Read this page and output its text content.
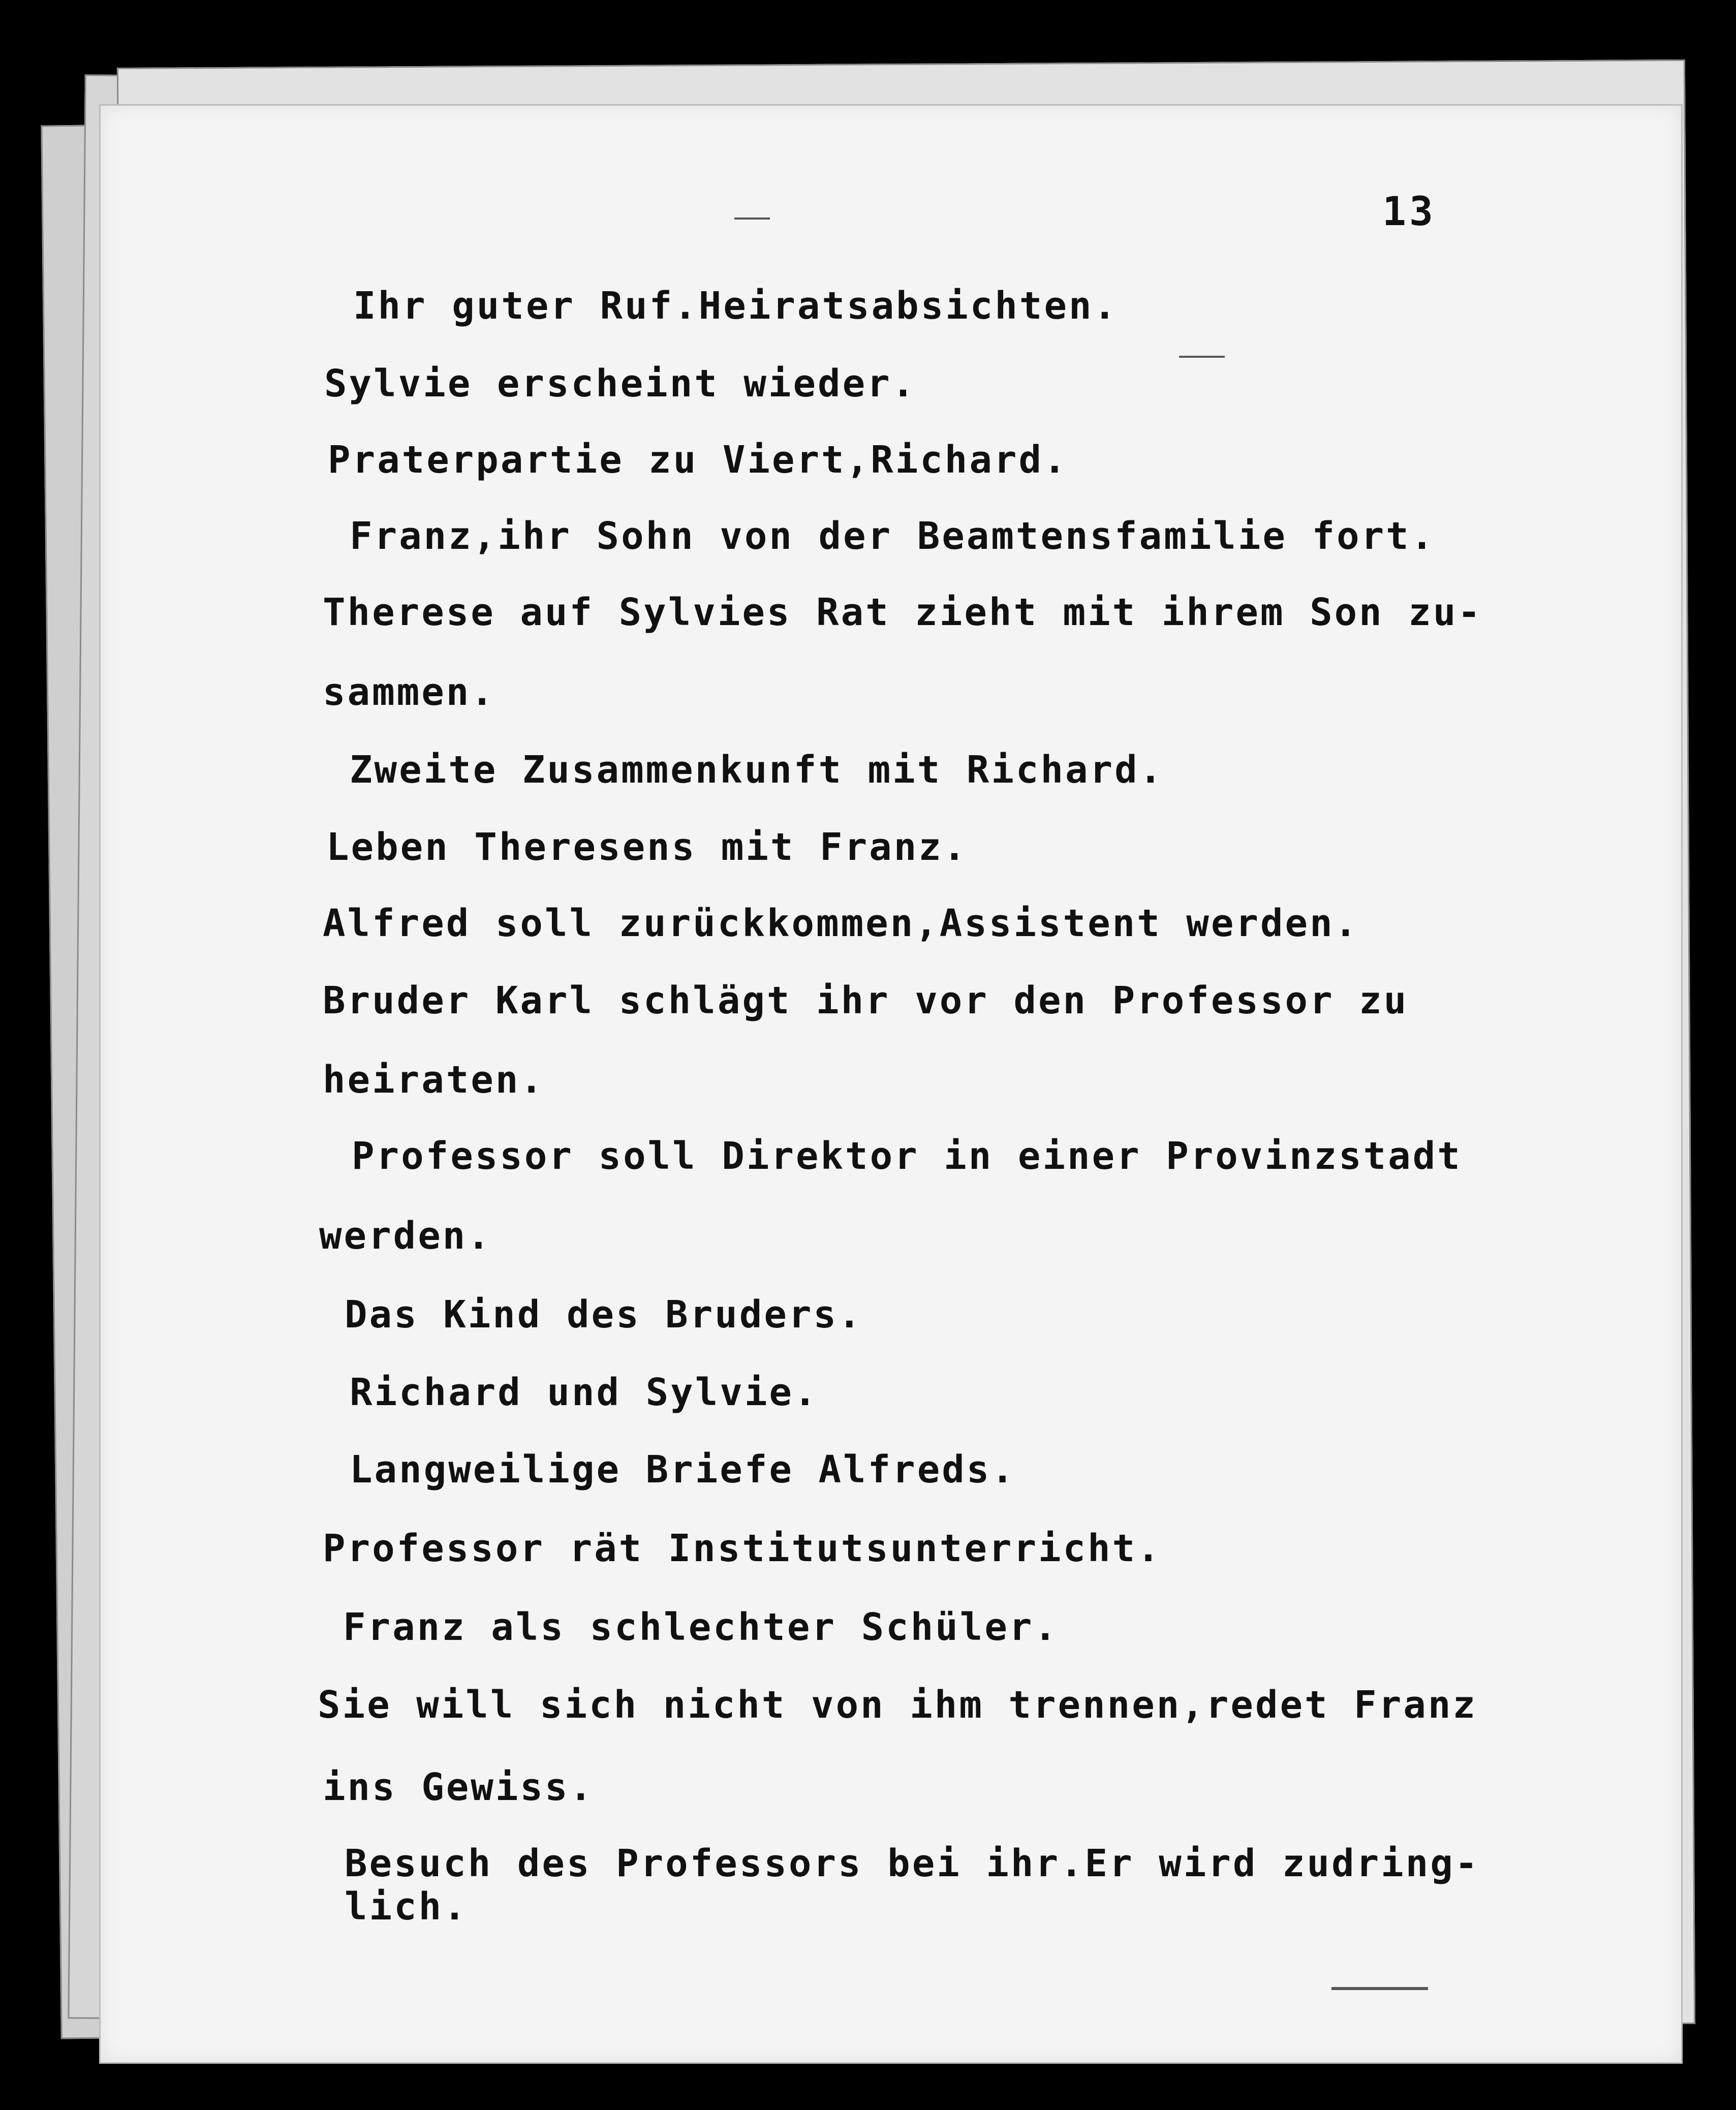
13
Ihr guter Ruf.Heiratsabsichten.
Sylvie erscheint wieder.
Praterpartie zu Viert,Richard.
Franz,ihr Sohn von der Beamtensfamilie fort.
Therese auf Sylvies Rat zieht mit ihrem Son zu-
sammen.
Zweite Zusammenkunft mit Richard.
Leben Theresens mit Franz.
Alfred soll zurückkommen,Assistent werden.
Bruder Karl schlägt ihr vor den Professor zu
heiraten.
Professor soll Direktor in einer Provinzstadt
werden.
Das Kind des Bruders.
Richard und Sylvie.
Langweilige Briefe Alfreds.
Professor rät Institutsunterricht.
Franz als schlechter Schüler.
Sie will sich nicht von ihm trennen,redet Franz
ins Gewiss.
Besuch des Professors bei ihr.Er wird zudring-
lich.
